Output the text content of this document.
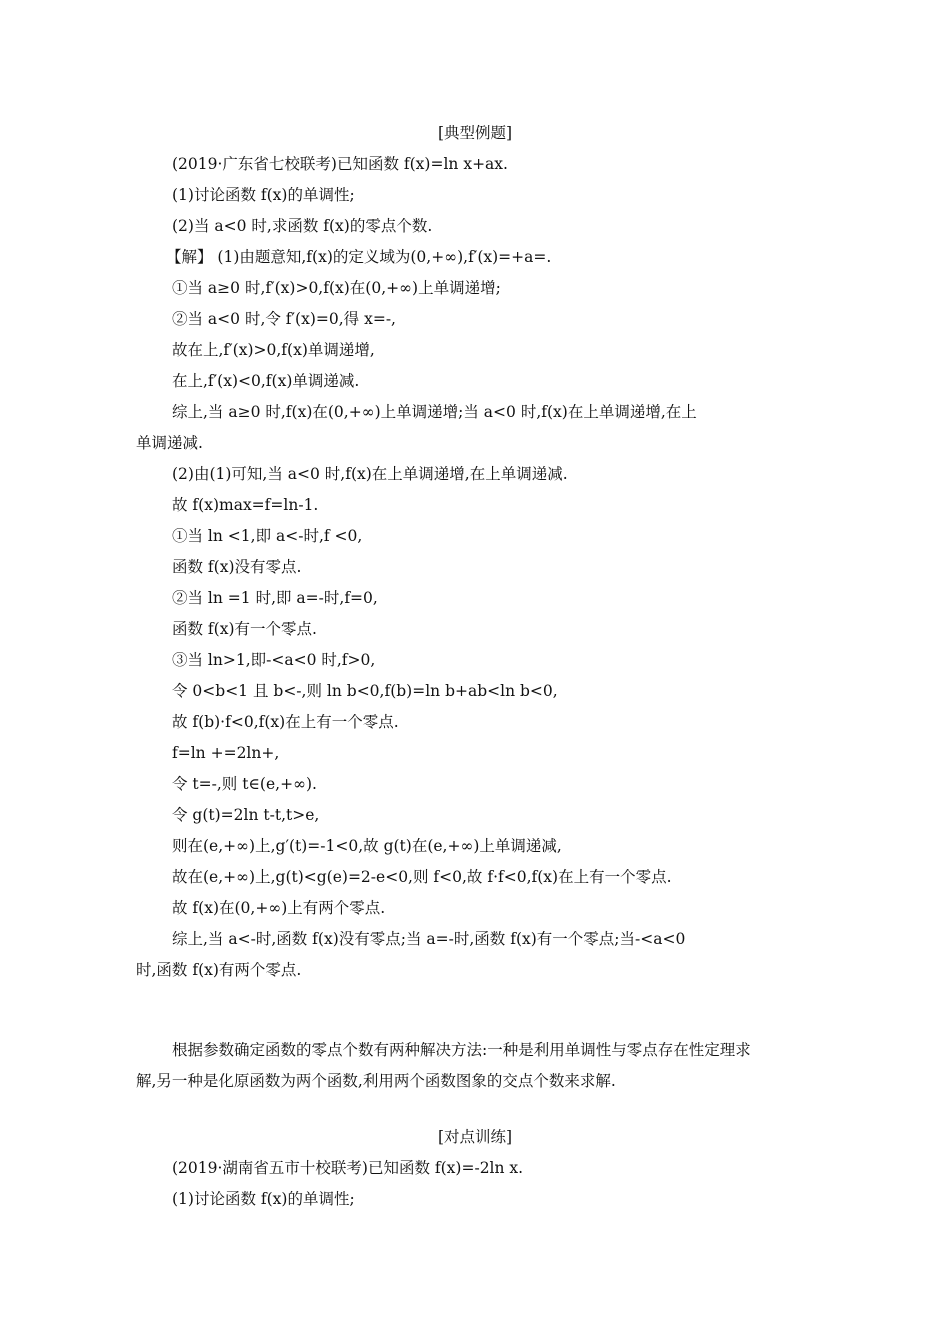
[典型例题]
(2019·广东省七校联考)已知函数 f(x)=ln x+ax.
(1)讨论函数 f(x)的单调性;
(2)当 a<0 时,求函数 f(x)的零点个数.
【解】 (1)由题意知,f(x)的定义域为(0,+∞),f′(x)=+a=.
①当 a≥0 时,f′(x)>0,f(x)在(0,+∞)上单调递增;
②当 a<0 时,令 f′(x)=0,得 x=-,
故在上,f′(x)>0,f(x)单调递增,
在上,f′(x)<0,f(x)单调递减.
综上,当 a≥0 时,f(x)在(0,+∞)上单调递增;当 a<0 时,f(x)在上单调递增,在上
单调递减.
(2)由(1)可知,当 a<0 时,f(x)在上单调递增,在上单调递减.
故 f(x)max=f=ln-1.
①当 ln <1,即 a<-时,f <0,
函数 f(x)没有零点.
②当 ln =1 时,即 a=-时,f=0,
函数 f(x)有一个零点.
③当 ln>1,即-<a<0 时,f>0,
令 0<b<1 且 b<-,则 ln b<0,f(b)=ln b+ab<ln b<0,
故 f(b)·f<0,f(x)在上有一个零点.
f=ln +=2ln+,
令 t=-,则 t∈(e,+∞).
令 g(t)=2ln t-t,t>e,
则在(e,+∞)上,g′(t)=-1<0,故 g(t)在(e,+∞)上单调递减,
故在(e,+∞)上,g(t)<g(e)=2-e<0,则 f<0,故 f·f<0,f(x)在上有一个零点.
故 f(x)在(0,+∞)上有两个零点.
综上,当 a<-时,函数 f(x)没有零点;当 a=-时,函数 f(x)有一个零点;当-<a<0
时,函数 f(x)有两个零点.
根据参数确定函数的零点个数有两种解决方法:一种是利用单调性与零点存在性定理求
解,另一种是化原函数为两个函数,利用两个函数图象的交点个数来求解.
[对点训练]
(2019·湖南省五市十校联考)已知函数 f(x)=-2ln x.
(1)讨论函数 f(x)的单调性;
